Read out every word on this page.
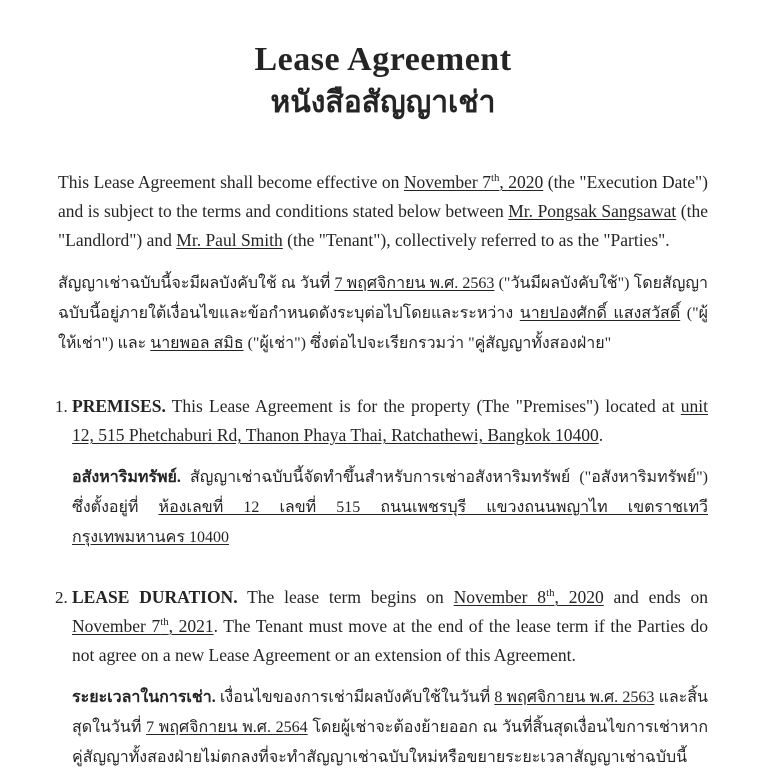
Lease Agreement
หนังสือสัญญาเช่า

This Lease Agreement shall become effective on November 7th, 2020 (the "Execution Date") and is subject to the terms and conditions stated below between Mr. Pongsak Sangsawat (the "Landlord") and Mr. Paul Smith (the "Tenant"), collectively referred to as the "Parties".

สัญญาเช่าฉบับนี้จะมีผลบังคับใช้ ณ วันที่ 7 พฤศจิกายน พ.ศ. 2563 ("วันมีผลบังคับใช้") โดยสัญญาฉบับนี้อยู่ภายใต้เงื่อนไขและข้อกำหนดดังระบุต่อไปโดยและระหว่าง นายปองศักดิ์ แสงสวัสดิ์ ("ผู้ให้เช่า") และ นายพอล สมิธ ("ผู้เช่า") ซึ่งต่อไปจะเรียกรวมว่า "คู่สัญญาทั้งสองฝ่าย"

1. PREMISES. This Lease Agreement is for the property (The "Premises") located at unit 12, 515 Phetchaburi Rd, Thanon Phaya Thai, Ratchathewi, Bangkok 10400.

อสังหาริมทรัพย์. สัญญาเช่าฉบับนี้จัดทำขึ้นสำหรับการเช่าอสังหาริมทรัพย์ ("อสังหาริมทรัพย์") ซึ่งตั้งอยู่ที่ ห้องเลขที่ 12 เลขที่ 515 ถนนเพชรบุรี แขวงถนนพญาไท เขตราชเทวี กรุงเทพมหานคร 10400

2. LEASE DURATION. The lease term begins on November 8th, 2020 and ends on November 7th, 2021. The Tenant must move at the end of the lease term if the Parties do not agree on a new Lease Agreement or an extension of this Agreement.

ระยะเวลาในการเช่า. เงื่อนไขของการเช่ามีผลบังคับใช้ในวันที่ 8 พฤศจิกายน พ.ศ. 2563 และสิ้นสุดในวันที่ 7 พฤศจิกายน พ.ศ. 2564 โดยผู้เช่าจะต้องย้ายออก ณ วันที่สิ้นสุดเงื่อนไขการเช่าหากคู่สัญญาทั้งสองฝ่ายไม่ตกลงที่จะทำสัญญาเช่าฉบับใหม่หรือขยายระยะเวลาสัญญาเช่าฉบับนี้
